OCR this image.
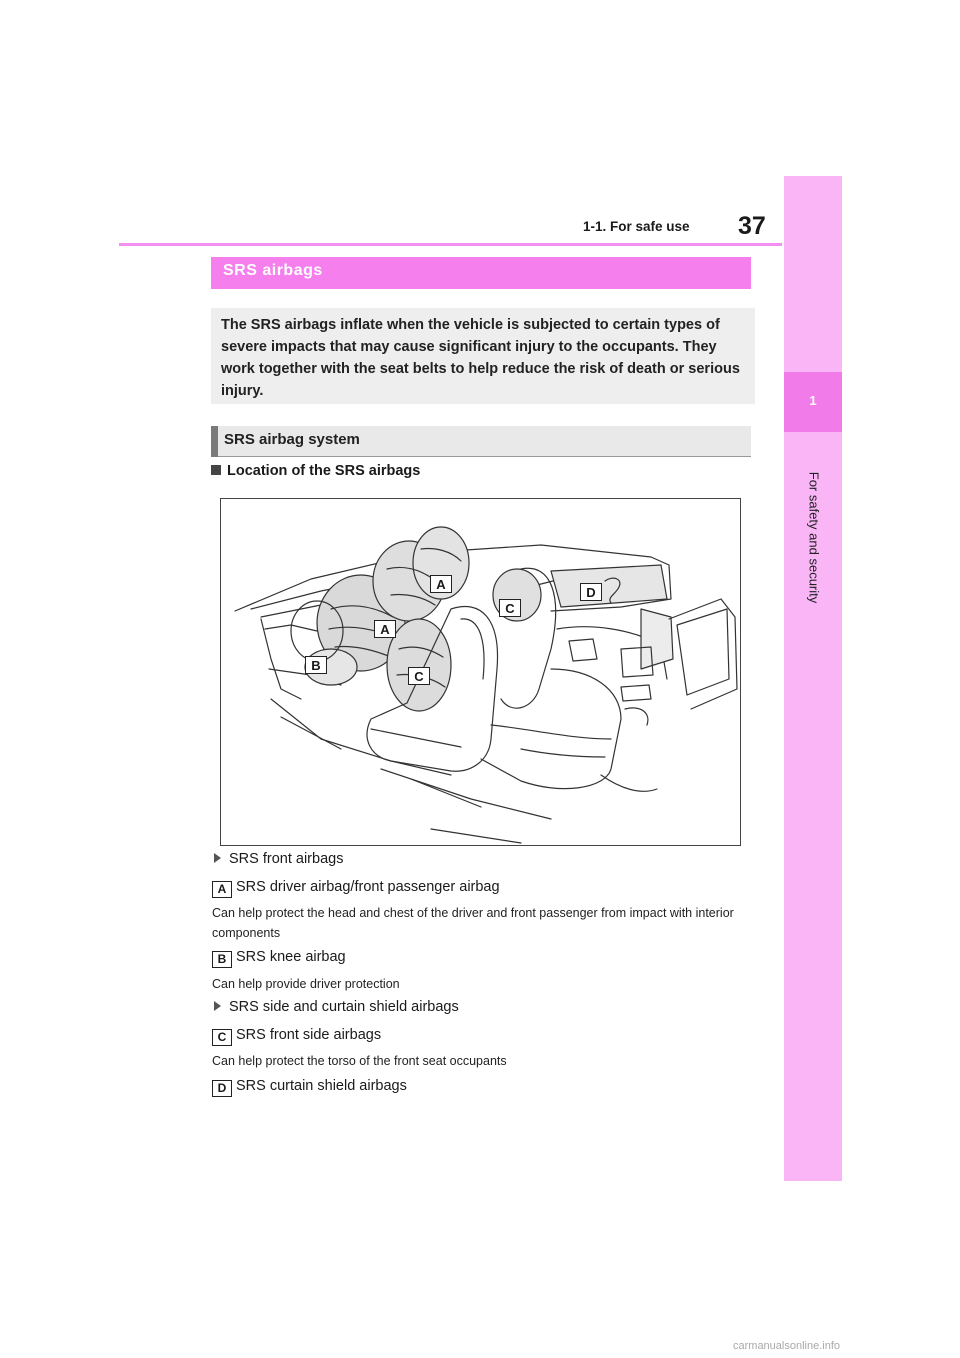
37
1-1. For safe use
1
For safety and security
SRS airbags

The SRS airbags inflate when the vehicle is subjected to certain types of severe impacts that may cause significant injury to the occupants. They work together with the seat belts to help reduce the risk of death or serious injury.

SRS airbag system
Location of the SRS airbags
A
A
B
C
C
D
SRS front airbags
A SRS driver airbag/front passenger airbag
Can help protect the head and chest of the driver and front passenger from impact with interior components
B SRS knee airbag
Can help provide driver protection
SRS side and curtain shield airbags
C SRS front side airbags
Can help protect the torso of the front seat occupants
D SRS curtain shield airbags
carmanualsonline.info
